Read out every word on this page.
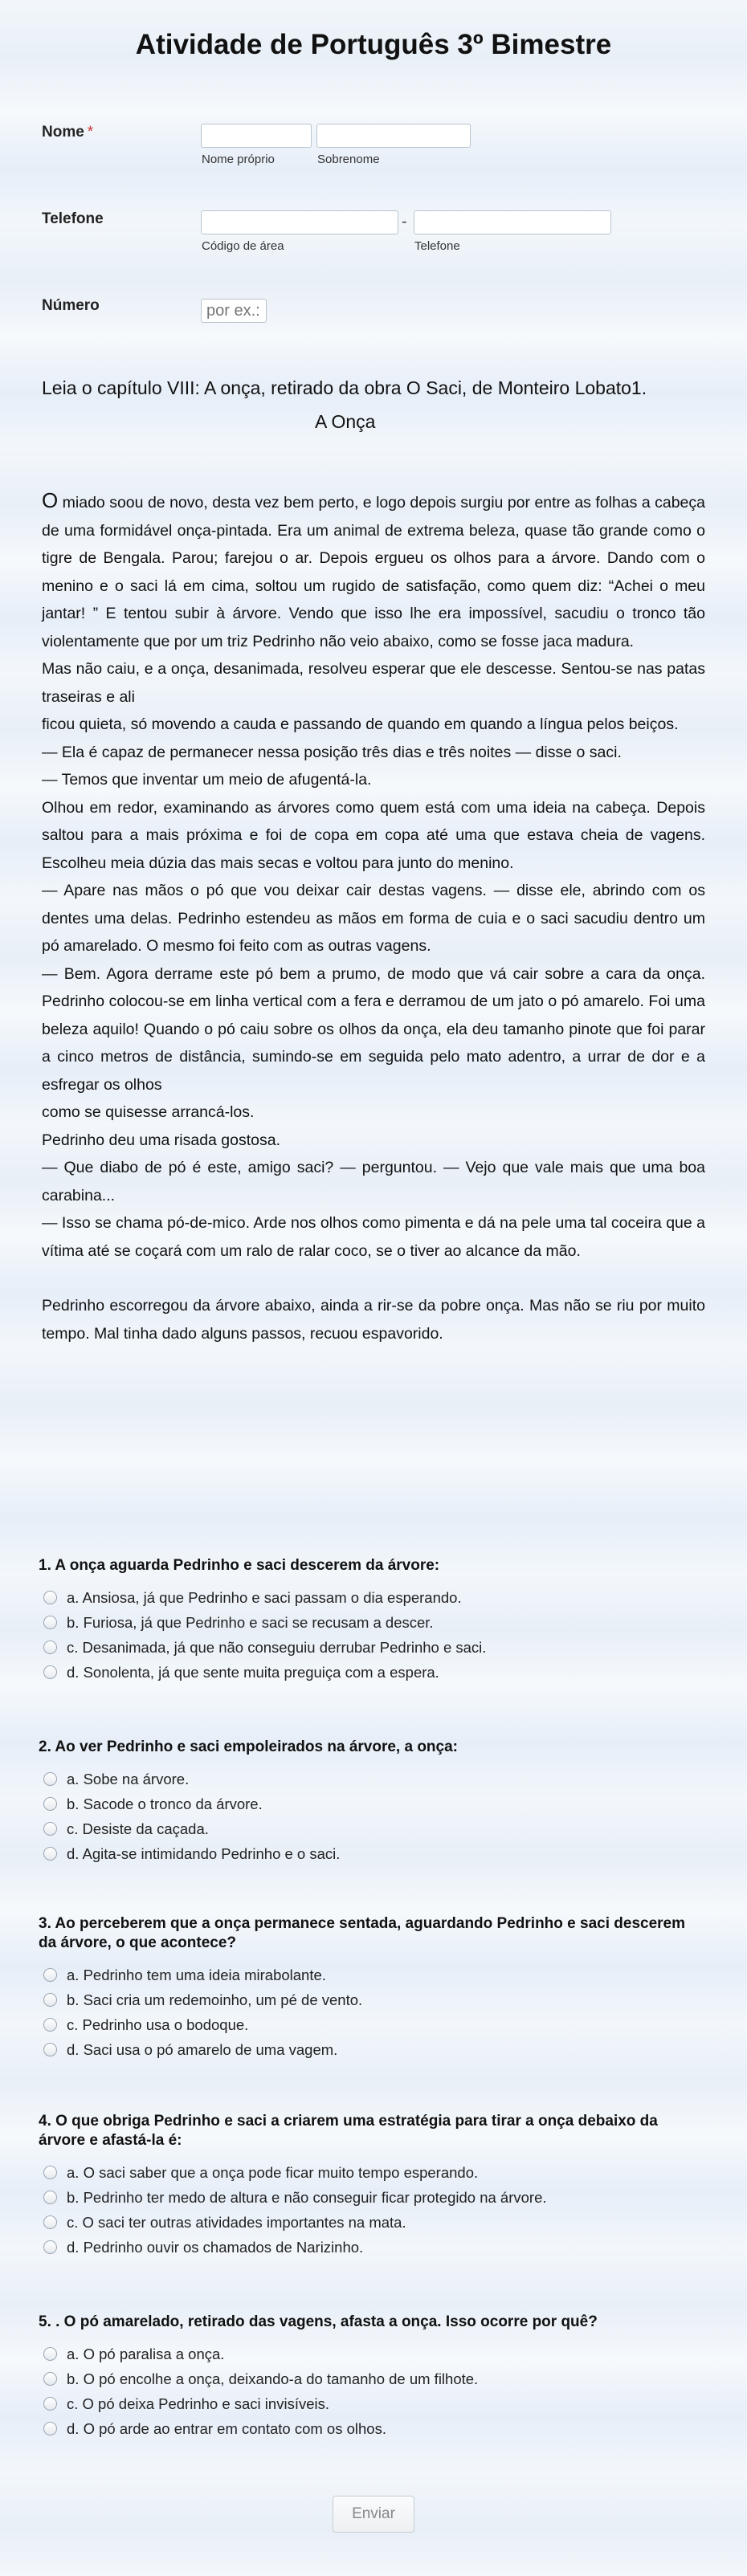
Atividade de Português 3º Bimestre
Nome *
Nome próprio	Sobrenome
Telefone	-
Código de área	Telefone
Número
por ex.:
Leia o capítulo VIII: A onça, retirado da obra O Saci, de Monteiro Lobato1.
A Onça
O miado soou de novo, desta vez bem perto, e logo depois surgiu por entre as folhas a cabeça de uma formidável onça-pintada. Era um animal de extrema beleza, quase tão grande como o tigre de Bengala. Parou; farejou o ar. Depois ergueu os olhos para a árvore. Dando com o menino e o saci lá em cima, soltou um rugido de satisfação, como quem diz: “Achei o meu jantar! ” E tentou subir à árvore. Vendo que isso lhe era impossível, sacudiu o tronco tão violentamente que por um triz Pedrinho não veio abaixo, como se fosse jaca madura.
Mas não caiu, e a onça, desanimada, resolveu esperar que ele descesse. Sentou-se nas patas traseiras e ali
ficou quieta, só movendo a cauda e passando de quando em quando a língua pelos beiços.
— Ela é capaz de permanecer nessa posição três dias e três noites — disse o saci.
— Temos que inventar um meio de afugentá-la.
Olhou em redor, examinando as árvores como quem está com uma ideia na cabeça. Depois saltou para a mais próxima e foi de copa em copa até uma que estava cheia de vagens. Escolheu meia dúzia das mais secas e voltou para junto do menino.
— Apare nas mãos o pó que vou deixar cair destas vagens. — disse ele, abrindo com os dentes uma delas. Pedrinho estendeu as mãos em forma de cuia e o saci sacudiu dentro um pó amarelado. O mesmo foi feito com as outras vagens.
— Bem. Agora derrame este pó bem a prumo, de modo que vá cair sobre a cara da onça. Pedrinho colocou-se em linha vertical com a fera e derramou de um jato o pó amarelo. Foi uma beleza aquilo! Quando o pó caiu sobre os olhos da onça, ela deu tamanho pinote que foi parar a cinco metros de distância, sumindo-se em seguida pelo mato adentro, a urrar de dor e a esfregar os olhos
como se quisesse arrancá-los.
Pedrinho deu uma risada gostosa.
— Que diabo de pó é este, amigo saci? — perguntou. — Vejo que vale mais que uma boa carabina...
— Isso se chama pó-de-mico. Arde nos olhos como pimenta e dá na pele uma tal coceira que a vítima até se coçará com um ralo de ralar coco, se o tiver ao alcance da mão.
Pedrinho escorregou da árvore abaixo, ainda a rir-se da pobre onça. Mas não se riu por muito tempo. Mal tinha dado alguns passos, recuou espavorido.
1. A onça aguarda Pedrinho e saci descerem da árvore:
a. Ansiosa, já que Pedrinho e saci passam o dia esperando.
b. Furiosa, já que Pedrinho e saci se recusam a descer.
c. Desanimada, já que não conseguiu derrubar Pedrinho e saci.
d. Sonolenta, já que sente muita preguiça com a espera.
2. Ao ver Pedrinho e saci empoleirados na árvore, a onça:
a. Sobe na árvore.
b. Sacode o tronco da árvore.
c. Desiste da caçada.
d. Agita-se intimidando Pedrinho e o saci.
3. Ao perceberem que a onça permanece sentada, aguardando Pedrinho e saci descerem da árvore, o que acontece?
a. Pedrinho tem uma ideia mirabolante.
b. Saci cria um redemoinho, um pé de vento.
c. Pedrinho usa o bodoque.
d. Saci usa o pó amarelo de uma vagem.
4. O que obriga Pedrinho e saci a criarem uma estratégia para tirar a onça debaixo da árvore e afastá-la é:
a. O saci saber que a onça pode ficar muito tempo esperando.
b. Pedrinho ter medo de altura e não conseguir ficar protegido na árvore.
c. O saci ter outras atividades importantes na mata.
d. Pedrinho ouvir os chamados de Narizinho.
5. . O pó amarelado, retirado das vagens, afasta a onça. Isso ocorre por quê?
a. O pó paralisa a onça.
b. O pó encolhe a onça, deixando-a do tamanho de um filhote.
c. O pó deixa Pedrinho e saci invisíveis.
d. O pó arde ao entrar em contato com os olhos.
Enviar
